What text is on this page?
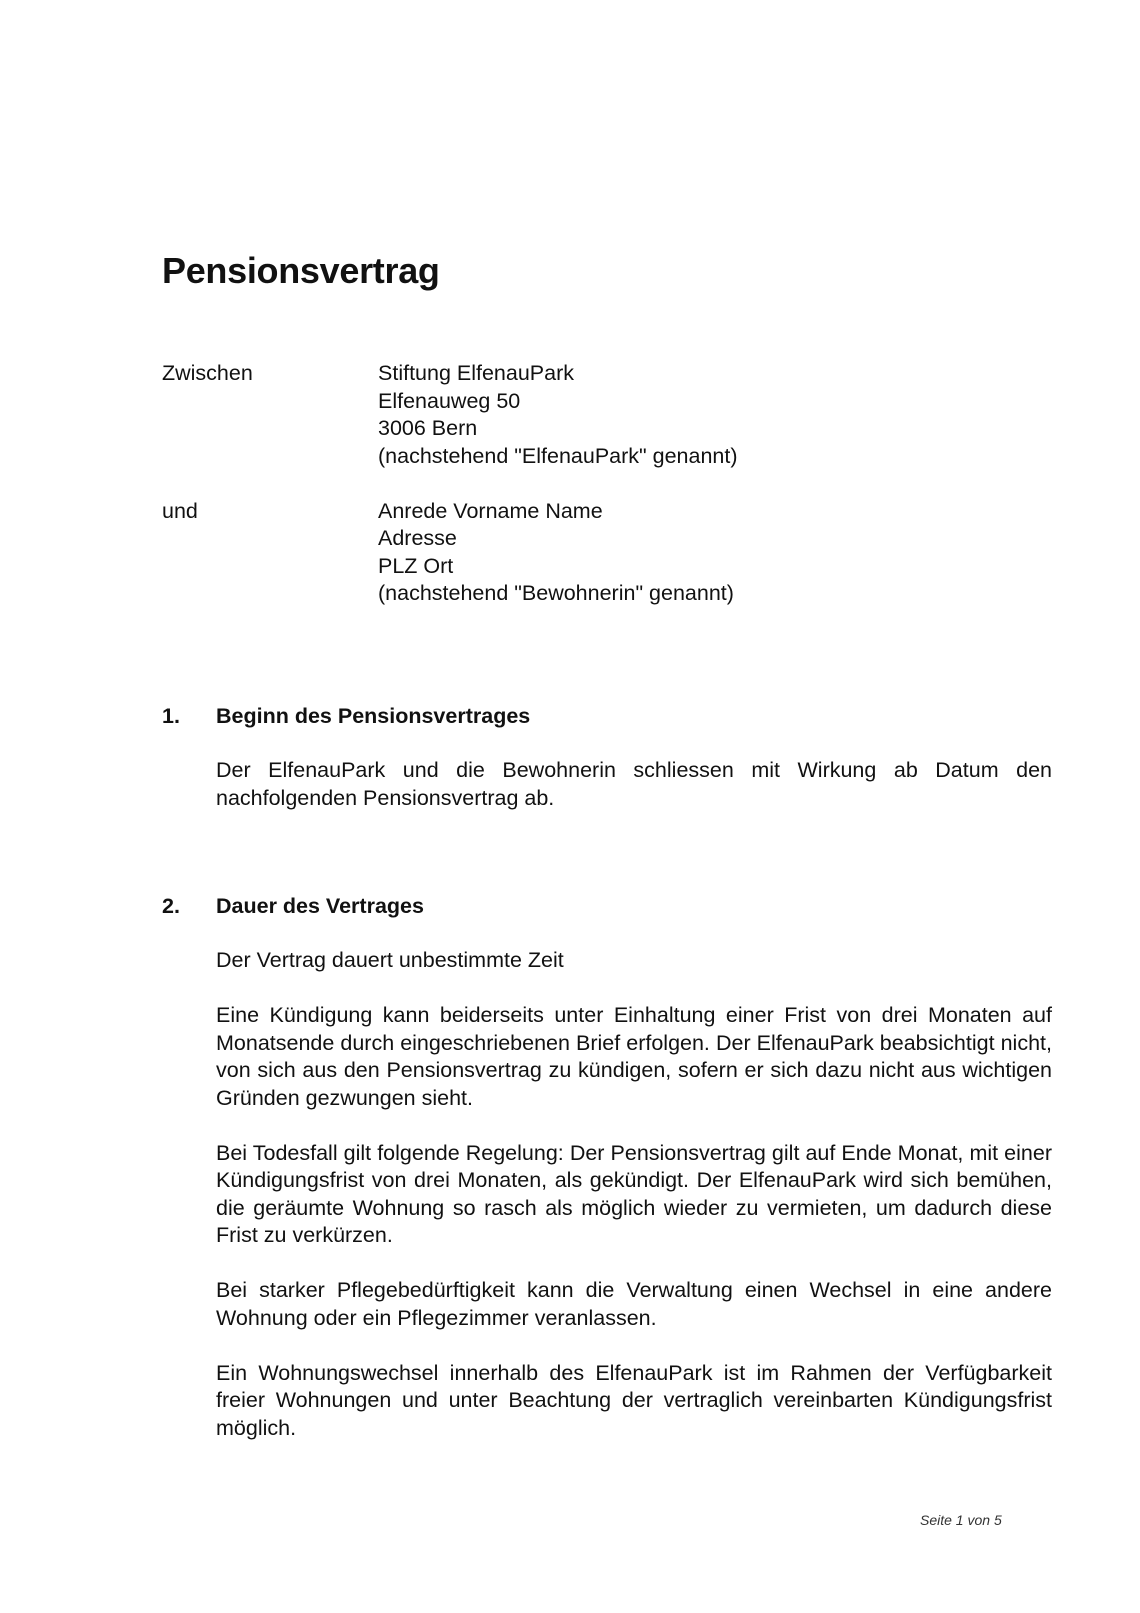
Pensionsvertrag
Zwischen	Stiftung ElfenauPark
Elfenauweg 50
3006 Bern
(nachstehend "ElfenauPark" genannt)
und	Anrede Vorname Name
Adresse
PLZ Ort
(nachstehend "Bewohnerin" genannt)
1.	Beginn des Pensionsvertrages

Der ElfenauPark und die Bewohnerin schliessen mit Wirkung ab Datum den nachfolgenden Pensionsvertrag ab.

2.	Dauer des Vertrages

Der Vertrag dauert unbestimmte Zeit

Eine Kündigung kann beiderseits unter Einhaltung einer Frist von drei Monaten auf Monatsende durch eingeschriebenen Brief erfolgen. Der ElfenauPark beabsichtigt nicht, von sich aus den Pensionsvertrag zu kündigen, sofern er sich dazu nicht aus wichtigen Gründen gezwungen sieht.

Bei Todesfall gilt folgende Regelung: Der Pensionsvertrag gilt auf Ende Monat, mit einer Kündigungsfrist von drei Monaten, als gekündigt. Der ElfenauPark wird sich bemühen, die geräumte Wohnung so rasch als möglich wieder zu vermieten, um dadurch diese Frist zu verkürzen.

Bei starker Pflegebedürftigkeit kann die Verwaltung einen Wechsel in eine andere Wohnung oder ein Pflegezimmer veranlassen.

Ein Wohnungswechsel innerhalb des ElfenauPark ist im Rahmen der Verfügbarkeit freier Wohnungen und unter Beachtung der vertraglich vereinbarten Kündigungsfrist möglich.

Seite 1 von 5
